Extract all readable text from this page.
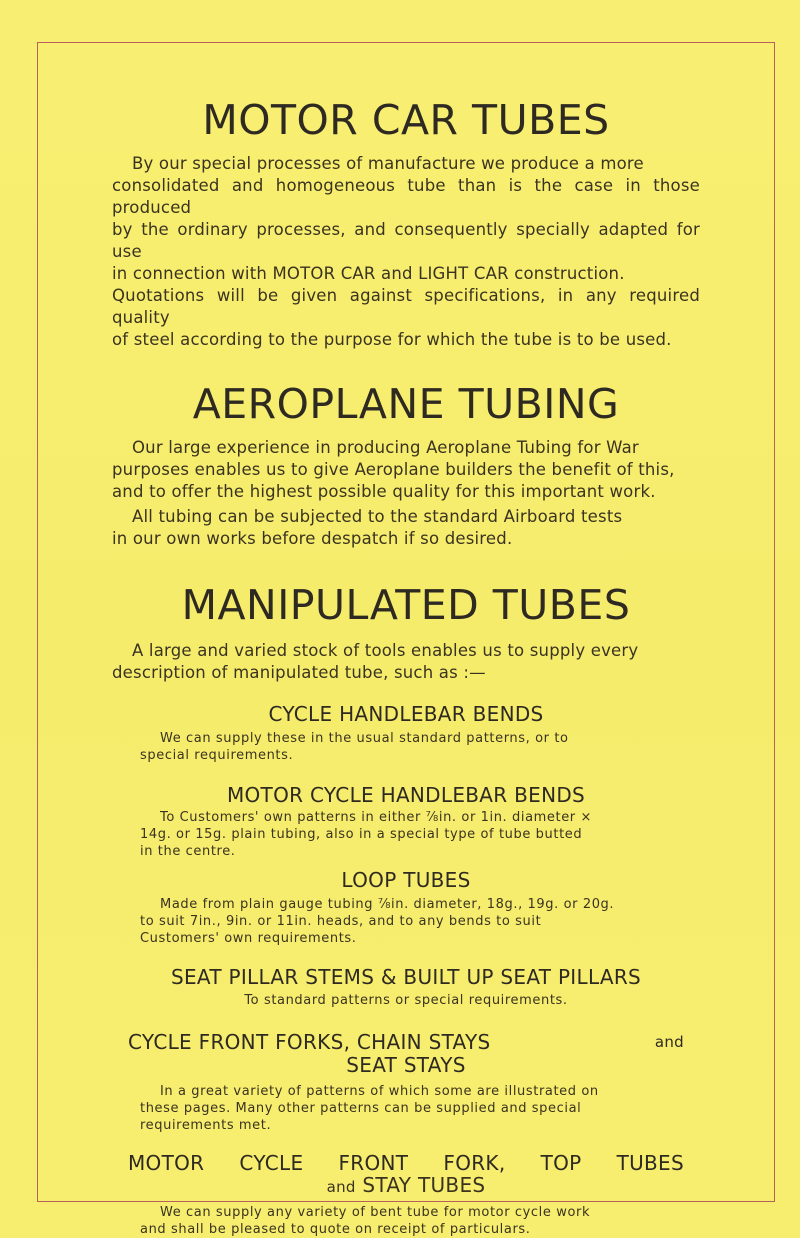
MOTOR CAR TUBES

By our special processes of manufacture we produce a more

consolidated and homogeneous tube than is the case in those produced

by the ordinary processes, and consequently specially adapted for use

in connection with MOTOR CAR and LIGHT CAR construction.

Quotations will be given against specifications, in any required quality

of steel according to the purpose for which the tube is to be used.

AEROPLANE TUBING

Our large experience in producing Aeroplane Tubing for War

purposes enables us to give Aeroplane builders the benefit of this,

and to offer the highest possible quality for this important work.

All tubing can be subjected to the standard Airboard tests

in our own works before despatch if so desired.

MANIPULATED TUBES

A large and varied stock of tools enables us to supply every

description of manipulated tube, such as :—

CYCLE HANDLEBAR BENDS

We can supply these in the usual standard patterns, or to

special requirements.

MOTOR CYCLE HANDLEBAR BENDS

To Customers' own patterns in either ⅞in. or 1in. diameter ×

14g. or 15g. plain tubing, also in a special type of tube butted

in the centre.

LOOP TUBES

Made from plain gauge tubing ⅞in. diameter, 18g., 19g. or 20g.

to suit 7in., 9in. or 11in. heads, and to any bends to suit

Customers' own requirements.

SEAT PILLAR STEMS & BUILT UP SEAT PILLARS

To standard patterns or special requirements.

CYCLE FRONT FORKS, CHAIN STAYS	and
SEAT STAYS

In a great variety of patterns of which some are illustrated on

these pages. Many other patterns can be supplied and special

requirements met.

MOTOR CYCLE FRONT FORK, TOP TUBES
and STAY TUBES

We can supply any variety of bent tube for motor cycle work

and shall be pleased to quote on receipt of particulars.
